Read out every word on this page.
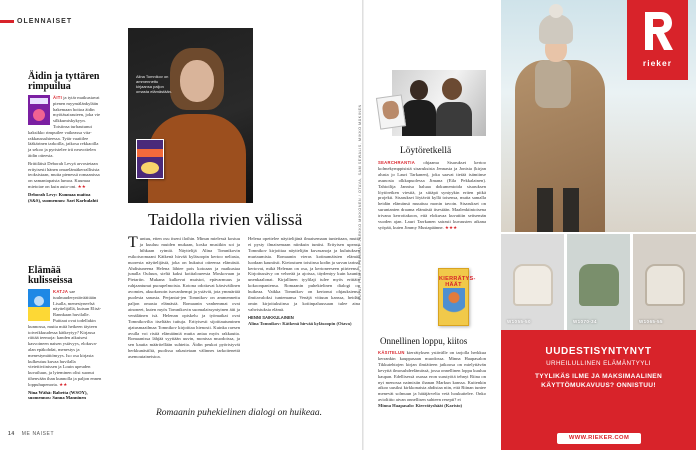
OLENNAISET
Äidin ja tyttären rimpuilua
ÄITI ja tytär matkustavat pienen myymälänkylään hakemaan hoitoa äidin myötäsairauteen, joka vie silkkumiskykyyn. Toisiinsa turhautunut kaksikko rimpuilee vaikeassa vita-rakkaussuhteessa. Tytär vaatiilee lääkärinen tarkoilla, jatkosa rekkaoilla ja sekoo ja pyristelee irti neuvottelen äidin otteesta.
Brittiläisä Deborah Levyä arvostetaan erityisesti hänen omaelämäkerrallisista teoksistaan, mutta pienessä romaanissa on samantapaista lumoa. Kuumaa mietoiae on kuin auto-oni. ★★
Deborah Levy: Kuumaa maitoa (S&S), suomennos: Sari Karhulahti
Elämää kulisseissa
KATJA sae tuulnuuderyntävääitään Lisalla, menestyneelsä näyttelijällä, kutsun Elisä-Rannkaan huvilalle. Puittaat ovat todellakin kunnossa, mutta mitä hetkeen täyteen toiveikkuudessa kätkeytyy? Kirjassa riittää teemoja: kanden aikuisesi kasvoineen naisen ystävyys, elokuva-alan epäkohdat, menestys ja menestymättömyys. Iso osa kirjasta kulkeutuu kuvaa huvilalla vietettiviinissen ja Louin upeuden kuvailuun, ja lyteminen olisi suonut tihenvään ihan kunnolla ja paljon ennen loppuhupenorta. ★★
Nina Wähä: Babetta (WSOY), suomennos: Sanna Manninen
14 ME NAISET
Alina Tomnikov on ammennettu kirjaansa paljon omasta elämästään.
Taidolla rivien välissä
T untuu, etten osu itseni iloihin. Minun mielessä kostuu ja kuuluu muiden mukaan, koska musiikin soi ja hihkaan rytmiä. Näyttelijä Alina Tomnikovin esikoisromaani Kätkenä hirvää kyläsoopin kertoo neliasta, nuoresta näyttelijästä, joka on hukutut otteensa elämästä. Ahdistuneena Helena lähtee pois kotoaan ja matkustaa junalla Ouluun, sieltä kaksi kotitaloueesta Moskovaan ja Pietariin. Mukana kulkevat muistot, epävarmuus ja ruhjaantunut puoupelmoista. Kotona odottavat kärsiväilinen avomies, akuokonoin isovanhempi ja ystävät, jota ymmärtää puolesta sanasta. Perjantai-jen Tomnikov on ammennettu paljon omasta elämästä. Romaanin vanhemmat ovat ainoneet, kuten myös Tomnikovin suomalaissyntyinen äiti ja venäläinen isä. Helenan opiskelu ja työmatkat ovat Tomnikovilta itseltään tuttuja. Erityisesti sijoittautuminen ajatusmaailmaa Tomnikov kirjoittaa hienosti. Kuinka raesen avulla voi ristiä elämäämiä mutta antaa myös rakkautta. Romaanissa lähjää syyttään uuvin, monissa muodoissa, ja sen kautta määritellään suhteita. Äidin peukot pyöristyvät herkkunästiltä, puolissa rakastetaan välinnes tarkoitenettä asemoutaineistoa.
Helena opettelee näyttelijänä ilmaisemaan tunteitaan, mutta ei pysty ilmaisemaan niinkuin tuntisi. Erityisen upeasti Tomnikov kirjoittaa näyttelijän kuvasanoja ja kulutuksen murtaumista. Romaanin vieras kotinamäisten elämää luodaan kauniisti. Kietoutuen toisiinsa kodin ja suvun tarinat kertovat, mikä Helenan on osa, ja kertoneeseen piirteensä. Kirjoitussävy on vehreää ja ajoissa, täydentyy kuin kauniit unenkaalonat. Kirjallinen tyylilaji tulee myös erittäin kokoonpaniensa. Romaanin puhekielinen dialogi on huikeaa. Vaikka Tomnikov on kertonut ohjauksiensa ilmitavaloksi tuntemansa Venäjä vittuun kanssa, heidän omin kirjoituksiinsa ja kotiinpaluussaan tulee aina vahvistuksia elämä.
HENNI SAIKKULAINEN
Alina Tomnikov: Kätkenä hirvää kyläsoopin (Otava)
Romaanin puhekielinen dialogi on huikeaa.
KUVAT: FILM4 TYRANNAT, JARKKO MIKKONEN / OTAVA, SAM SEWALIS, MIKKO MÄKINEN	Löytöretkellä
SEARCHRANTIA ohjaama Sisarukset kertoo kolmekymppisistä sisaruksista Jennasta ja Jonista (kirjan alusta jo Lauri Tarkanen), joka saavat tietää isämiinse asunosta olkkapuolessa Jimana (Eila Pekkalainen). Tahtoilija Jannisa haluaa dokumentoida sisaruksen löytöretken viestiä, ja siitäpä syntyykin eriten pitkä projekti. Sisarukset löytävät kyllä toisensa, mutta samalla heidän elämänsä muuttuu monin tavoin. Sisarukset on suruntanten draama elämästä itsestään. Maalenkiintoisena trivana kerrottakoon, että elokuvaa kuvattiin seitsemän vuoden ajan. Lauri Tarrkanen sairasti kuvausten aikana syöpää, kuten Jimmy Mustapäänne. ★★★
KIERRÄTYS-HÄÄT
Onnellinen loppu, kiitos
KÄSITELUN kierrätyksen ystävälle on tarjolla herkkua kerrankin kauppasaan muodossa. Minna Haapasalon Tikkutehtojen kirjan ilmiätteen jatkoosa on mielyttävän kevyttä ilmosuhdeelämässä, jossa onnellinen loppu kuuluu kaupan. Edellisessä osassa eron surutyötä tehnyt Riina on nyt menossa naimisiin ihanan Markun kanssa. Kuitenkin aikoo uusiksi kirkkonaista ahdistaa niin, että Riinan tuntee menevät solmuun ja hätäjärvelta vetä houkuttelee. Onko avioliitto aivan onnellisen suhteen resepti? ei
Minna Haapasalo: Kierrätyshäät (Karisto)
rieker
W1055-50	W1070-34	W1065-55
UUDESTISYNTYNYT
URHEILULLINEN ELÄMÄNTYYLI
TYYLIKÄS ILME JA MAKSIMAALINEN KÄYTTÖMUKAVUUS? ONNISTUU!
WWW.RIEKER.COM
